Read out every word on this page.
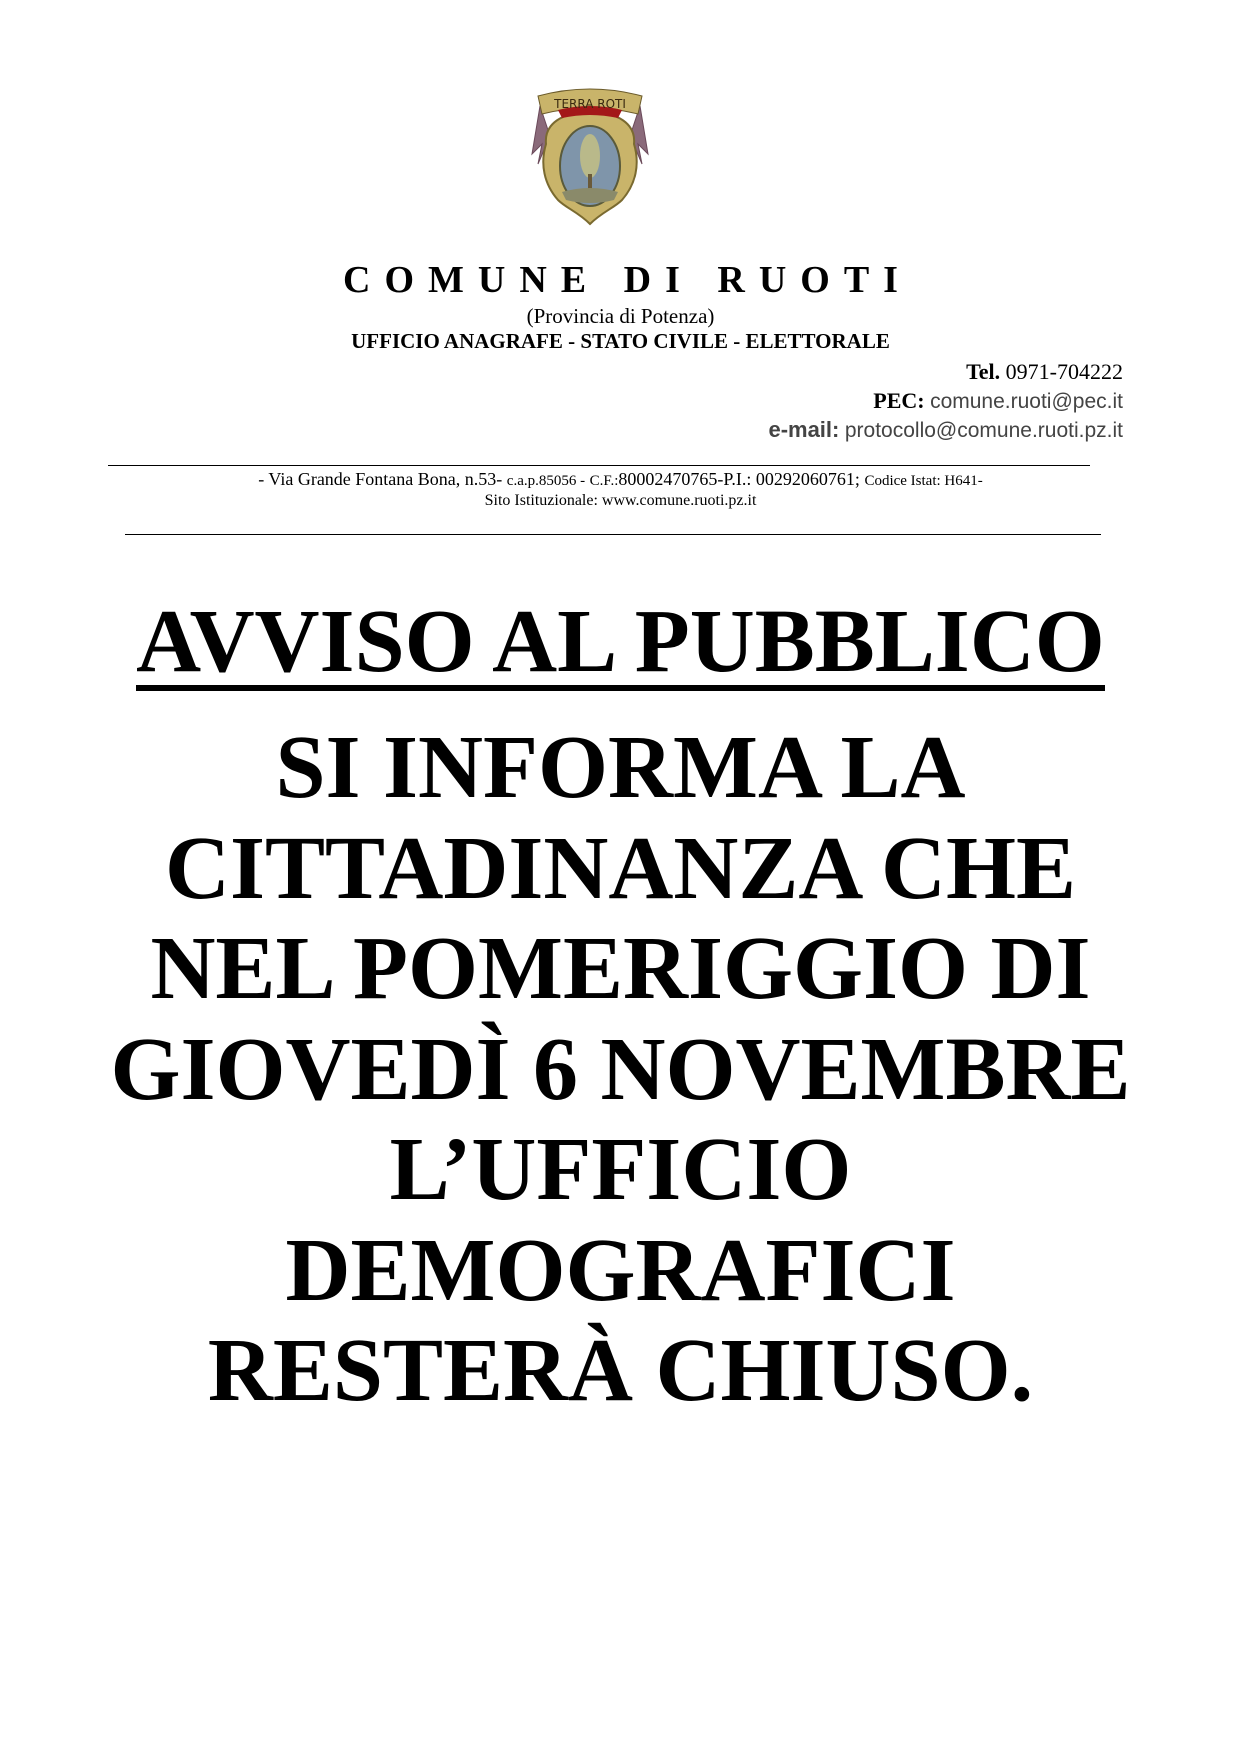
TERRA ROTI
COMUNE DI RUOTI
(Provincia di Potenza)
UFFICIO ANAGRAFE - STATO CIVILE - ELETTORALE
Tel. 0971-704222
PEC: comune.ruoti@pec.it
e-mail: protocollo@comune.ruoti.pz.it
- Via Grande Fontana Bona, n.53- c.a.p.85056 - C.F.:80002470765-P.I.: 00292060761; Codice Istat: H641-
Sito Istituzionale: www.comune.ruoti.pz.it
AVVISO AL PUBBLICO
SI INFORMA LA
CITTADINANZA CHE
NEL POMERIGGIO DI
GIOVEDÌ 6 NOVEMBRE
L’UFFICIO
DEMOGRAFICI
RESTERÀ CHIUSO.
